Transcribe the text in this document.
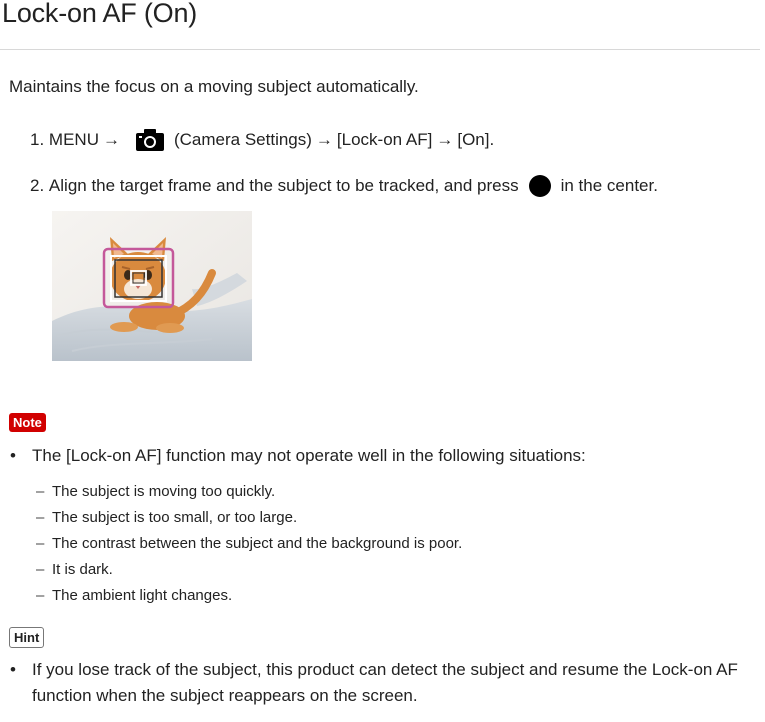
Lock-on AF (On)

Maintains the focus on a moving subject automatically.

1.
MENU →	(Camera Settings) → [Lock-on AF] → [On].
2.
Align the target frame and the subject to be tracked, and press in the center.
Note

• The [Lock-on AF] function may not operate well in the following situations:

– The subject is moving too quickly.

– The subject is too small, or too large.

– The contrast between the subject and the background is poor.

– It is dark.

– The ambient light changes.

Hint

• If you lose track of the subject, this product can detect the subject and resume the Lock-on AF function when the subject reappears on the screen.
